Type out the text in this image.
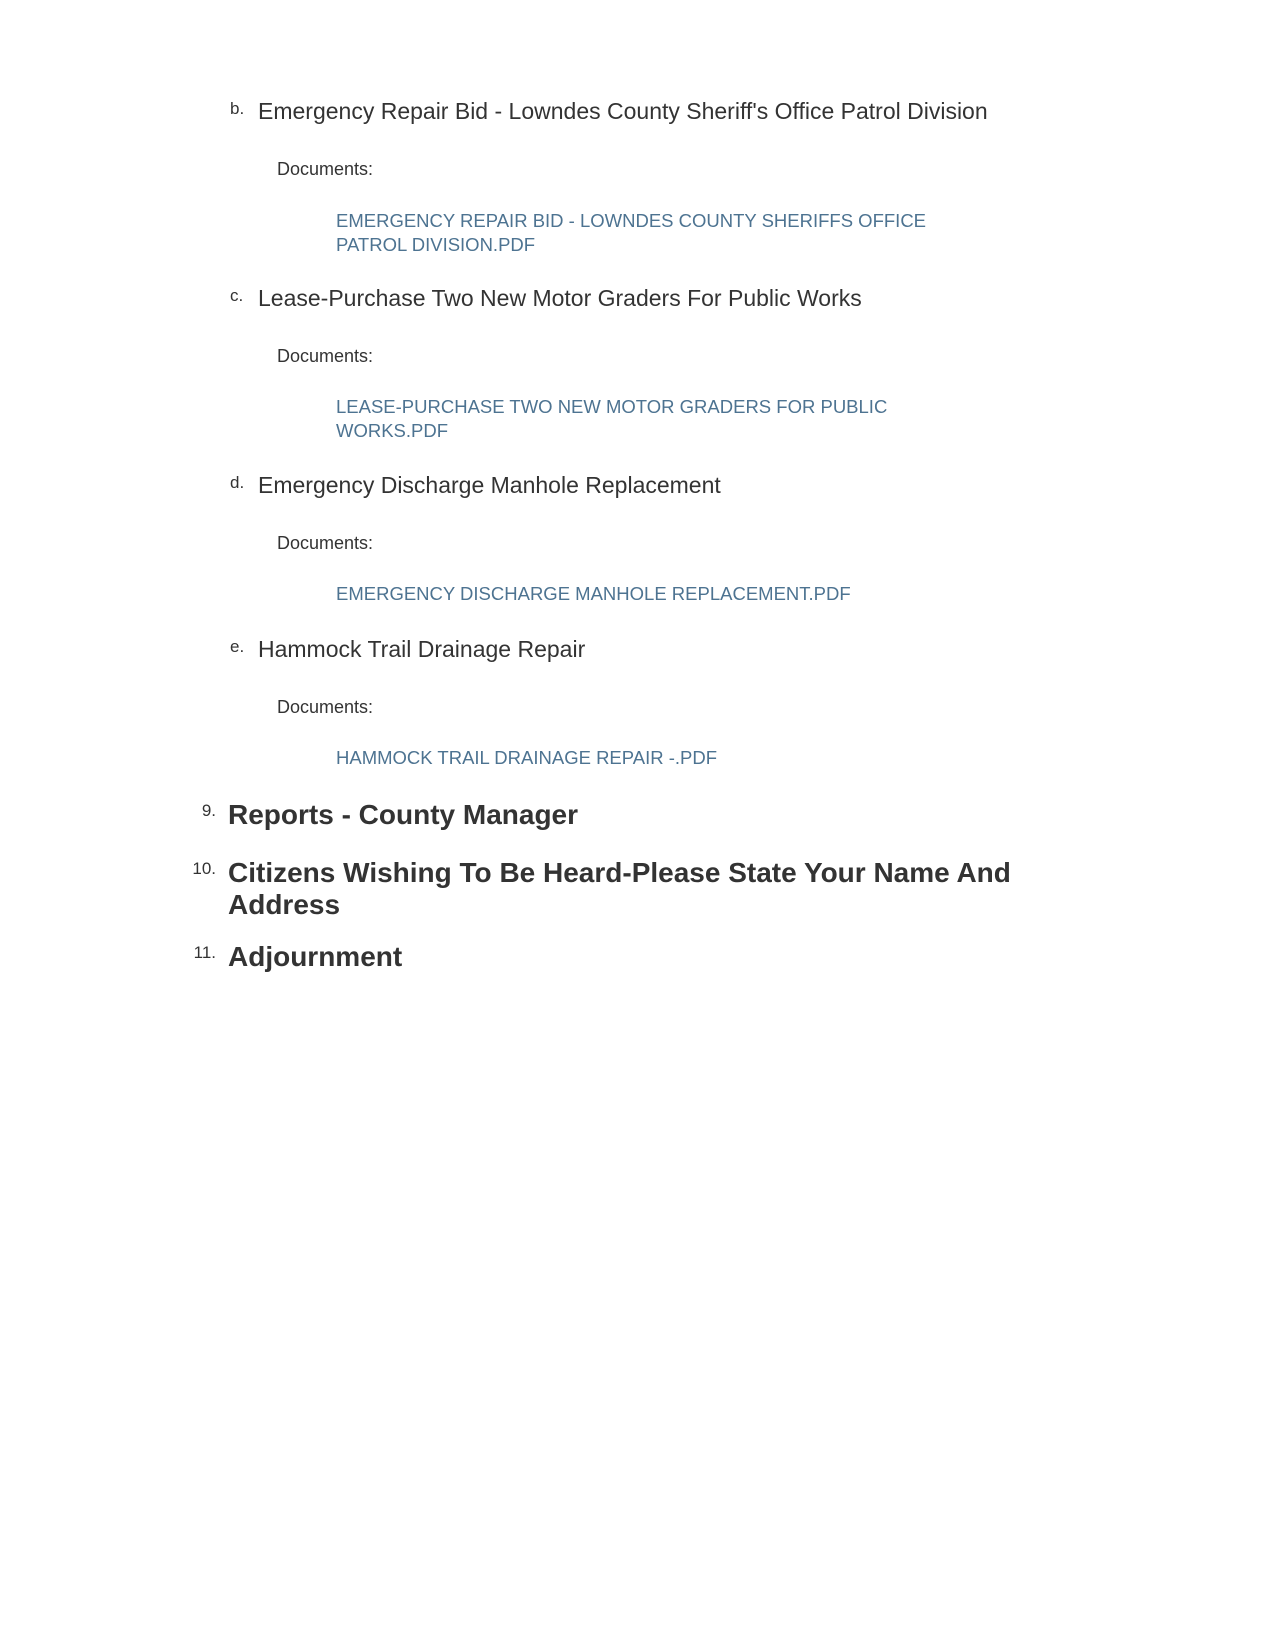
b. Emergency Repair Bid - Lowndes County Sheriff's Office Patrol Division
Documents:
EMERGENCY REPAIR BID - LOWNDES COUNTY SHERIFFS OFFICE PATROL DIVISION.PDF
c. Lease-Purchase Two New Motor Graders For Public Works
Documents:
LEASE-PURCHASE TWO NEW MOTOR GRADERS FOR PUBLIC WORKS.PDF
d. Emergency Discharge Manhole Replacement
Documents:
EMERGENCY DISCHARGE MANHOLE REPLACEMENT.PDF
e. Hammock Trail Drainage Repair
Documents:
HAMMOCK TRAIL DRAINAGE REPAIR -.PDF
9. Reports - County Manager
10. Citizens Wishing To Be Heard-Please State Your Name And Address
11. Adjournment
